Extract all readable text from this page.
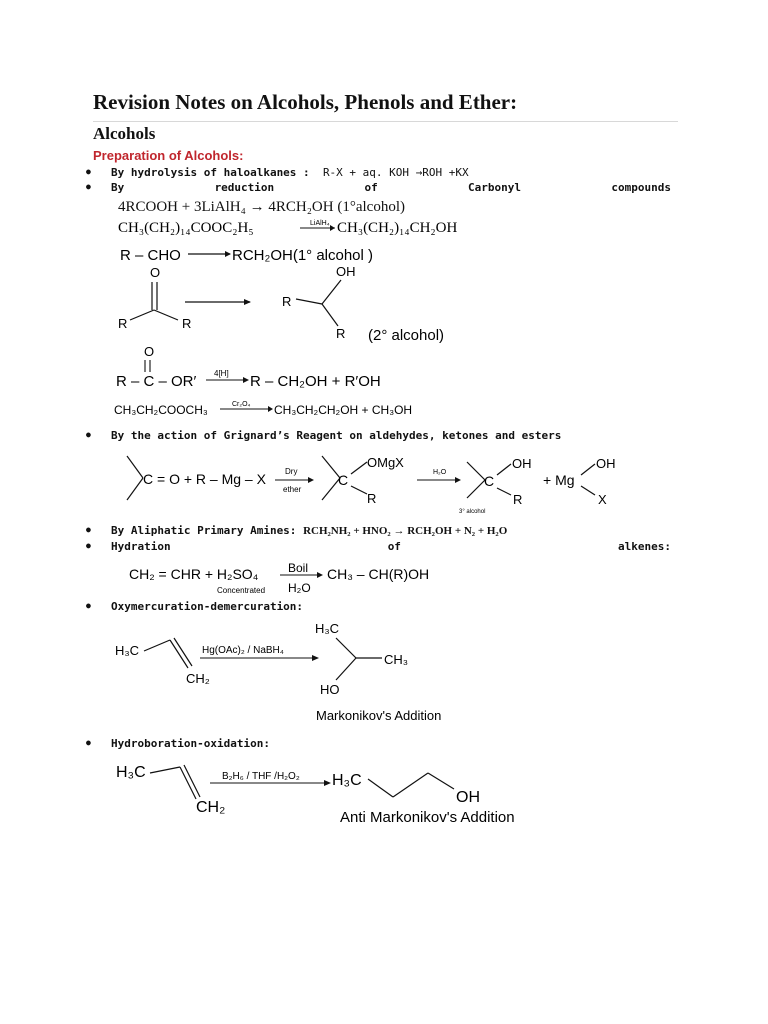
Revision Notes on Alcohols, Phenols and Ether:
Alcohols
Preparation of Alcohols:
By hydrolysis of haloalkanes : R-X + aq. KOH →ROH +KX
By	reduction	of	Carbonyl	compounds
4RCOOH + 3LiAlH₄ → 4RCH₂OH (1°alcohol)
CH₃(CH₂)₁₄COOC₂H₅	LiAlH₄ CH₃(CH₂)₁₄CH₂OH
R – CHO	RCH₂OH(1° alcohol )
O
R	R
OH
R
R (2° alcohol)
O
R – C – OR′ 4[H] R – CH₂OH + R′OH
CH₃CH₂COOCH₃	Cr₂O₄ CH₃CH₂CH₂OH + CH₃OH
By the action of Grignard’s Reagent on aldehydes, ketones and esters
C = O + R – Mg – X Dry
ether
C
OMgX
R
H₂O
C
OH
R
3° alcohol
+ Mg
OH
X
By Aliphatic Primary Amines: RCH₂NH₂ + HNO₂ → RCH₂OH + N₂ + H₂O
Hydration	of	alkenes:
CH₂ = CHR + H₂SO₄
Concentrated
Boil
H₂O
CH₃ – CH(R)OH
Oxymercuration-demercuration:
H₃C
CH₂
Hg(OAc)₂ / NaBH₄
H₃C
CH₃
HO
Markonikov's Addition
Hydroboration-oxidation:
H₃C
CH₂
B₂H₆ / THF /H₂O₂ H₃C
OH
Anti Markonikov's Addition
